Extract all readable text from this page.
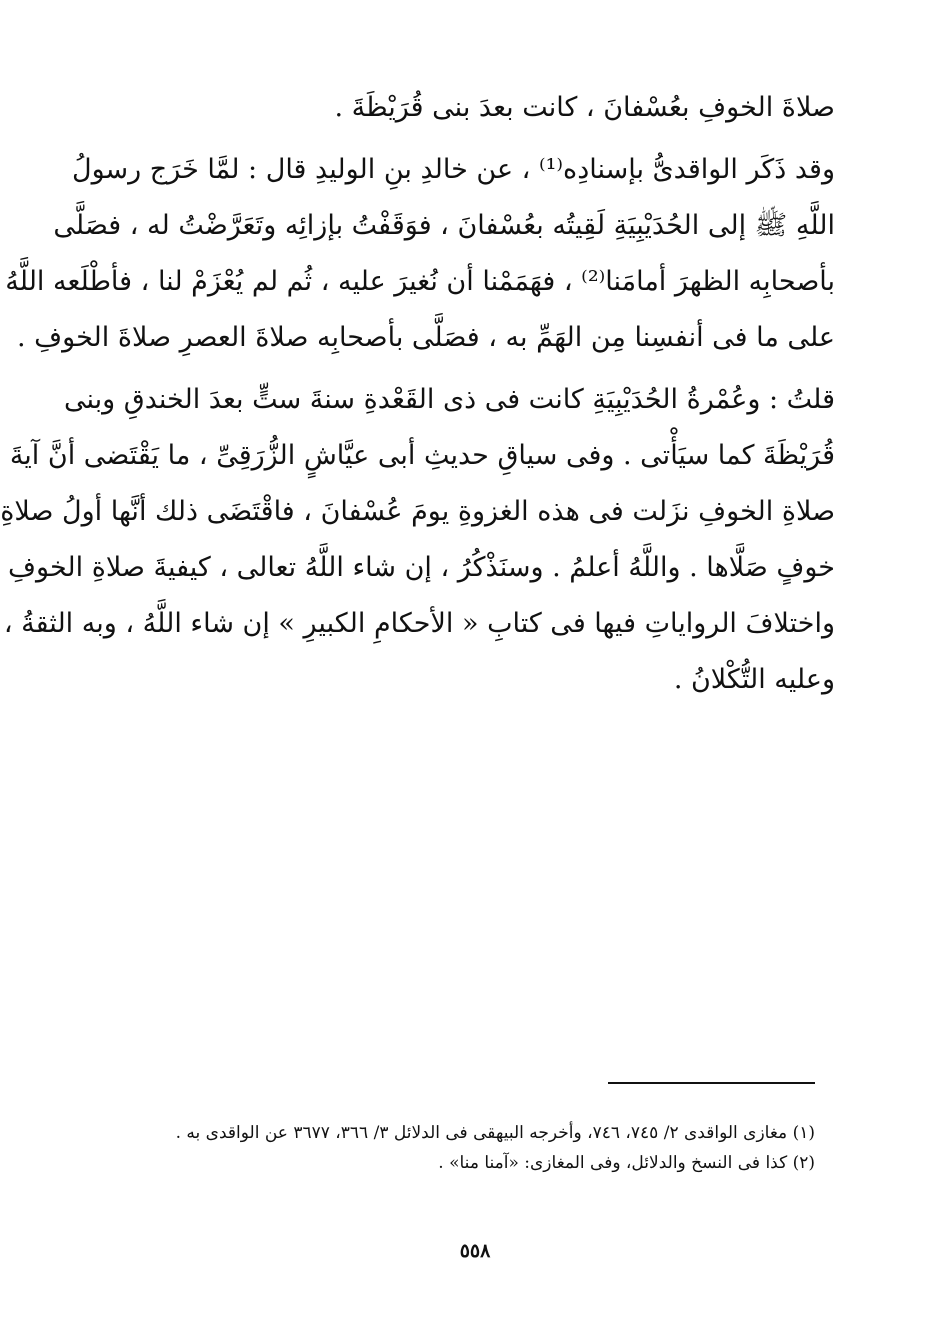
صلاةَ الخوفِ بعُسْفانَ ، كانت بعدَ بنى قُرَيْظَةَ .
وقد ذَكَر الواقدىُّ بإسنادِه⁽¹⁾ ، عن خالدِ بنِ الوليدِ قال : لمَّا خَرَج رسولُ
اللَّهِ ﷺ إلى الحُدَيْبِيَةِ لَقِيتُه بعُسْفانَ ، فوَقَفْتُ بإزائِه وتَعَرَّضْتُ له ، فصَلَّى
بأصحابِه الظهرَ أمامَنا⁽²⁾ ، فهَمَمْنا أن نُغيرَ عليه ، ثُم لم يُعْزَمْ لنا ، فأطْلَعه اللَّهُ
على ما فى أنفسِنا مِن الهَمِّ به ، فصَلَّى بأصحابِه صلاةَ العصرِ صلاةَ الخوفِ .
قلتُ : وعُمْرةُ الحُدَيْبِيَةِ كانت فى ذى القَعْدةِ سنةَ ستٍّ بعدَ الخندقِ وبنى
قُرَيْظَةَ كما سيَأْتى . وفى سياقِ حديثِ أبى عيَّاشٍ الزُّرَقِىِّ ، ما يَقْتَضى أنَّ آيةَ
صلاةِ الخوفِ نزَلت فى هذه الغزوةِ يومَ عُسْفانَ ، فاقْتَضَى ذلك أنَّها أولُ صلاةِ
خوفٍ صَلَّاها . واللَّهُ أعلمُ . وسنَذْكُرُ ، إن شاء اللَّهُ تعالى ، كيفيةَ صلاةِ الخوفِ
واختلافَ الرواياتِ فيها فى كتابِ « الأحكامِ الكبيرِ » إن شاء اللَّهُ ، وبه الثقةُ ،
وعليه التُّكْلانُ .
(١) مغازى الواقدى ٢/ ٧٤٥، ٧٤٦، وأخرجه البيهقى فى الدلائل ٣/ ٣٦٦، ٣٦٧٧ عن الواقدى به .
(٢) كذا فى النسخ والدلائل، وفى المغازى: «آمنا منا» .
٥٥٨
